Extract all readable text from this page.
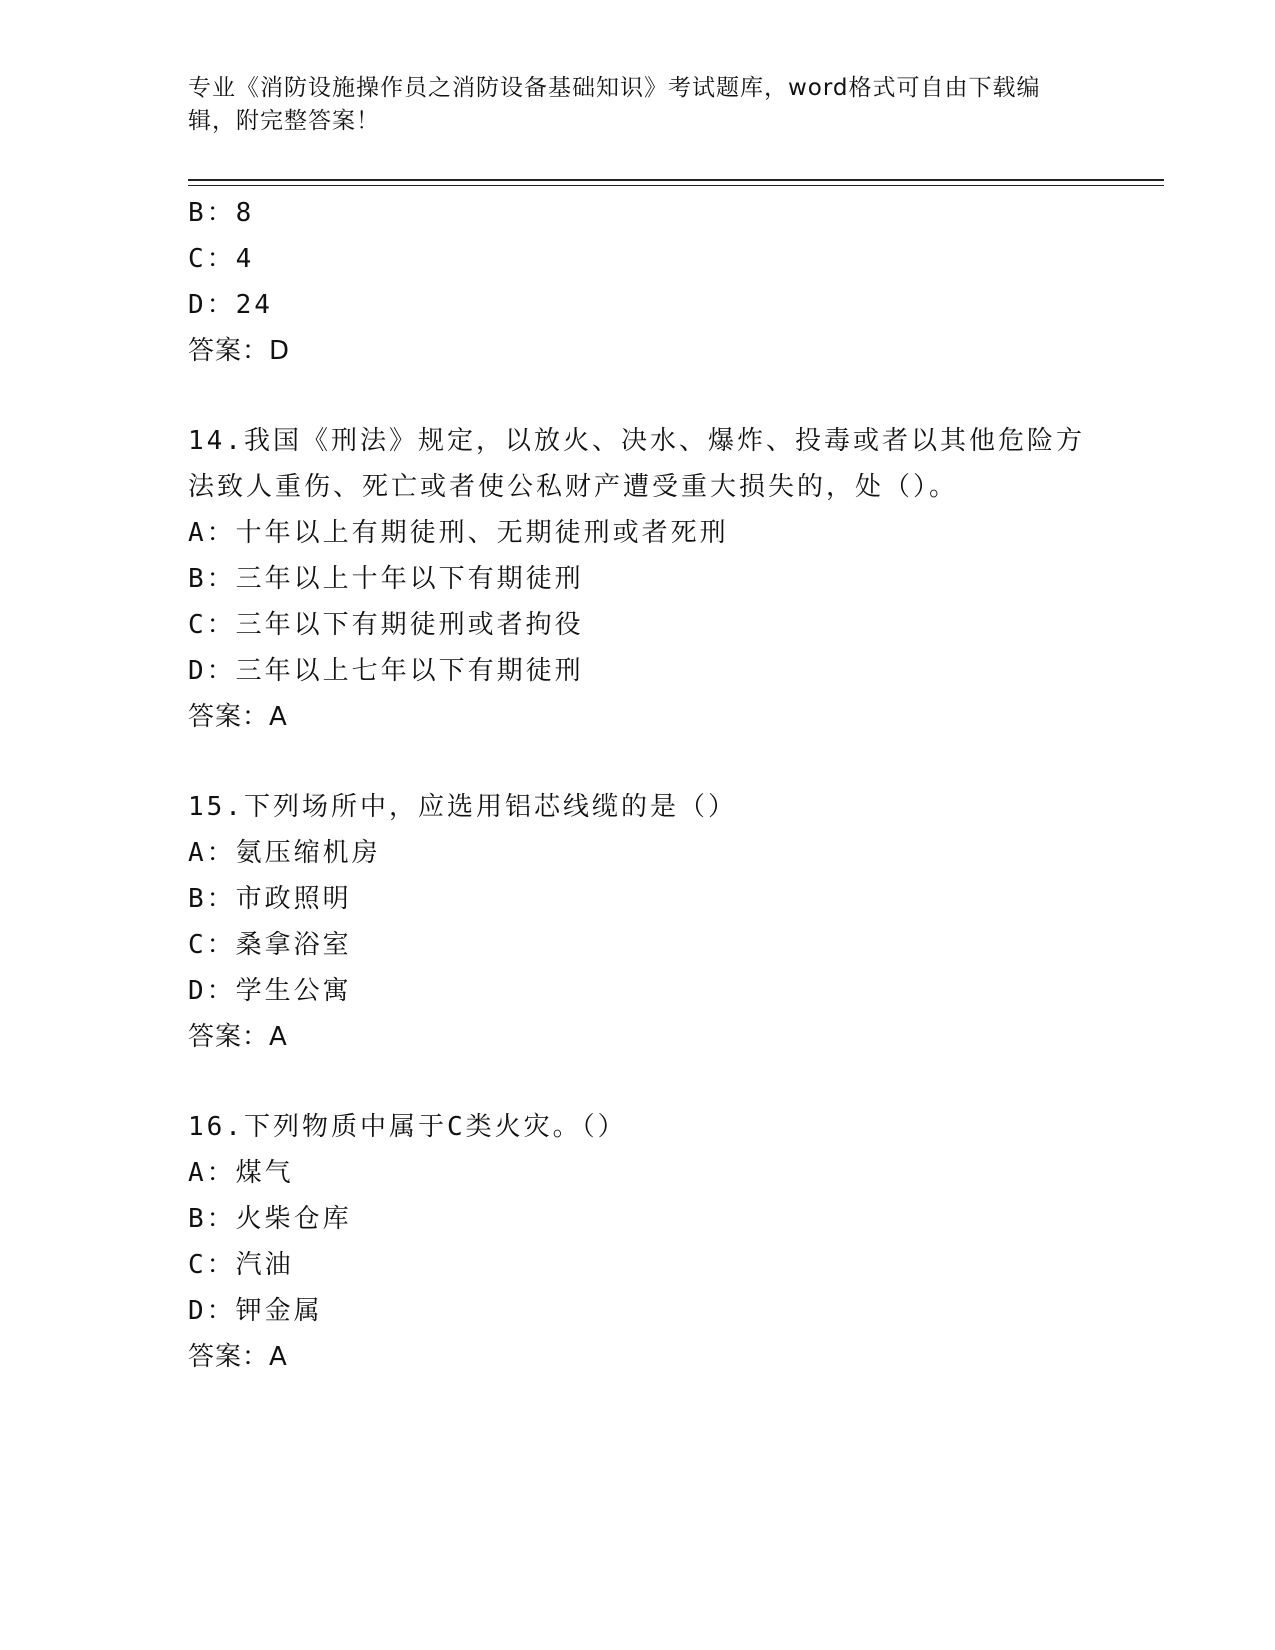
专业《消防设施操作员之消防设备基础知识》考试题库，word格式可自由下载编辑，附完整答案！
B：8
C：4
D：24
答案：D
14.我国《刑法》规定，以放火、决水、爆炸、投毒或者以其他危险方法致人重伤、死亡或者使公私财产遭受重大损失的，处（）。
A：十年以上有期徒刑、无期徒刑或者死刑
B：三年以上十年以下有期徒刑
C：三年以下有期徒刑或者拘役
D：三年以上七年以下有期徒刑
答案：A
15.下列场所中，应选用铝芯线缆的是（）
A：氨压缩机房
B：市政照明
C：桑拿浴室
D：学生公寓
答案：A
16.下列物质中属于C类火灾。（）
A：煤气
B：火柴仓库
C：汽油
D：钾金属
答案：A
